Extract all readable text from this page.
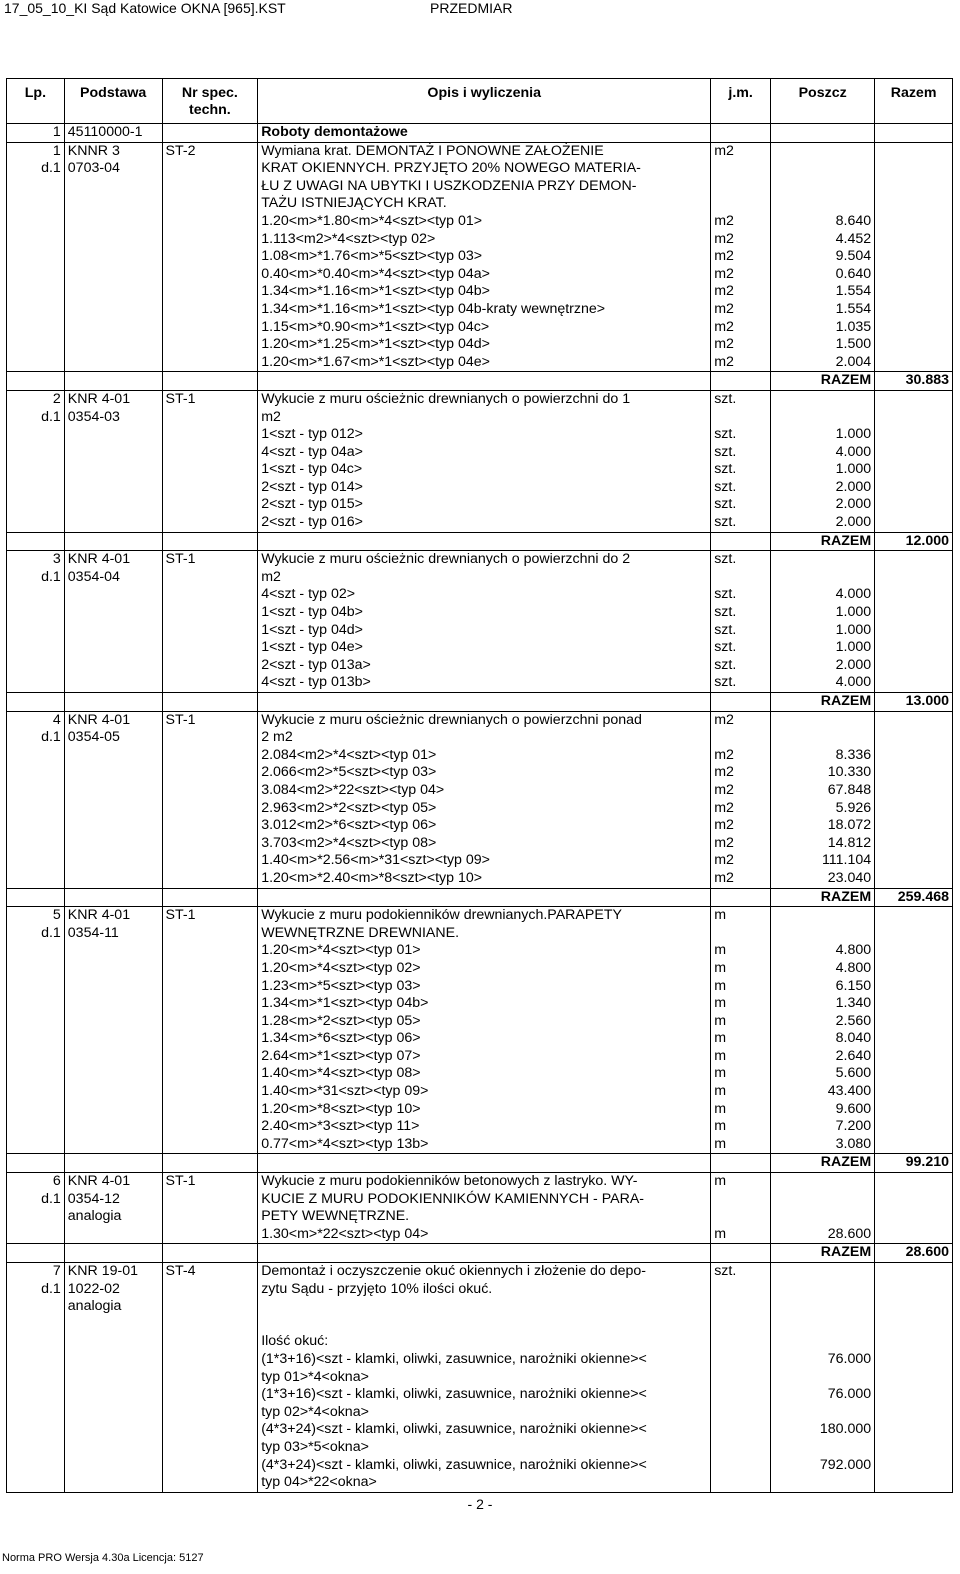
17_05_10_KI Sąd Katowice OKNA [965].KST	PRZEDMIAR
Lp.	Podstawa	Nr spec. techn.	Opis i wyliczenia	j.m.	Poszcz	Razem
1	45110000-1		Roboty demontażowe			
1	KNNR 3	ST-2	Wymiana krat. DEMONTAŻ I PONOWNE ZAŁOŻENIE	m2		
d.1	0703-04		KRAT OKIENNYCH. PRZYJĘTO 20% NOWEGO MATERIA-			
			ŁU Z UWAGI NA UBYTKI I USZKODZENIA PRZY DEMON-			
			TAŻU ISTNIEJĄCYCH KRAT.			
			1.20<m>*1.80<m>*4<szt><typ 01>	m2	8.640	
			1.113<m2>*4<szt><typ 02>	m2	4.452	
			1.08<m>*1.76<m>*5<szt><typ 03>	m2	9.504	
			0.40<m>*0.40<m>*4<szt><typ 04a>	m2	0.640	
			1.34<m>*1.16<m>*1<szt><typ 04b>	m2	1.554	
			1.34<m>*1.16<m>*1<szt><typ 04b-kraty wewnętrzne>	m2	1.554	
			1.15<m>*0.90<m>*1<szt><typ 04c>	m2	1.035	
			1.20<m>*1.25<m>*1<szt><typ 04d>	m2	1.500	
			1.20<m>*1.67<m>*1<szt><typ 04e>	m2	2.004	
					RAZEM	30.883
2	KNR 4-01	ST-1	Wykucie z muru ościeżnic drewnianych o powierzchni do 1	szt.		
d.1	0354-03		m2			
			1<szt - typ 012>	szt.	1.000	
			4<szt - typ 04a>	szt.	4.000	
			1<szt - typ 04c>	szt.	1.000	
			2<szt - typ 014>	szt.	2.000	
			2<szt - typ 015>	szt.	2.000	
			2<szt - typ 016>	szt.	2.000	
					RAZEM	12.000
3	KNR 4-01	ST-1	Wykucie z muru ościeżnic drewnianych o powierzchni do 2	szt.		
d.1	0354-04		m2			
			4<szt - typ 02>	szt.	4.000	
			1<szt - typ 04b>	szt.	1.000	
			1<szt - typ 04d>	szt.	1.000	
			1<szt - typ 04e>	szt.	1.000	
			2<szt - typ 013a>	szt.	2.000	
			4<szt - typ 013b>	szt.	4.000	
					RAZEM	13.000
4	KNR 4-01	ST-1	Wykucie z muru ościeżnic drewnianych o powierzchni ponad	m2		
d.1	0354-05		2 m2			
			2.084<m2>*4<szt><typ 01>	m2	8.336	
			2.066<m2>*5<szt><typ 03>	m2	10.330	
			3.084<m2>*22<szt><typ 04>	m2	67.848	
			2.963<m2>*2<szt><typ 05>	m2	5.926	
			3.012<m2>*6<szt><typ 06>	m2	18.072	
			3.703<m2>*4<szt><typ 08>	m2	14.812	
			1.40<m>*2.56<m>*31<szt><typ 09>	m2	111.104	
			1.20<m>*2.40<m>*8<szt><typ 10>	m2	23.040	
					RAZEM	259.468
5	KNR 4-01	ST-1	Wykucie z muru podokienników drewnianych.PARAPETY	m		
d.1	0354-11		WEWNĘTRZNE DREWNIANE.			
			1.20<m>*4<szt><typ 01>	m	4.800	
			1.20<m>*4<szt><typ 02>	m	4.800	
			1.23<m>*5<szt><typ 03>	m	6.150	
			1.34<m>*1<szt><typ 04b>	m	1.340	
			1.28<m>*2<szt><typ 05>	m	2.560	
			1.34<m>*6<szt><typ 06>	m	8.040	
			2.64<m>*1<szt><typ 07>	m	2.640	
			1.40<m>*4<szt><typ 08>	m	5.600	
			1.40<m>*31<szt><typ 09>	m	43.400	
			1.20<m>*8<szt><typ 10>	m	9.600	
			2.40<m>*3<szt><typ 11>	m	7.200	
			0.77<m>*4<szt><typ 13b>	m	3.080	
					RAZEM	99.210
6	KNR 4-01	ST-1	Wykucie z muru podokienników betonowych z lastryko. WY-	m		
d.1	0354-12		KUCIE Z MURU PODOKIENNIKÓW KAMIENNYCH - PARA-			
	analogia		PETY WEWNĘTRZNE.			
			1.30<m>*22<szt><typ 04>	m	28.600	
					RAZEM	28.600
7	KNR 19-01	ST-4	Demontaż i oczyszczenie okuć okiennych i złożenie do depo-	szt.		
d.1	1022-02		zytu Sądu - przyjęto 10% ilości okuć.			
	analogia					

			Ilość okuć:			
			(1*3+16)<szt - klamki, oliwki, zasuwnice, narożniki okienne><		76.000	
			typ 01>*4<okna>			
			(1*3+16)<szt - klamki, oliwki, zasuwnice, narożniki okienne><		76.000	
			typ 02>*4<okna>			
			(4*3+24)<szt - klamki, oliwki, zasuwnice, narożniki okienne><		180.000	
			typ 03>*5<okna>			
			(4*3+24)<szt - klamki, oliwki, zasuwnice, narożniki okienne><		792.000	
			typ 04>*22<okna>			
- 2 -
Norma PRO Wersja 4.30a Licencja: 5127
